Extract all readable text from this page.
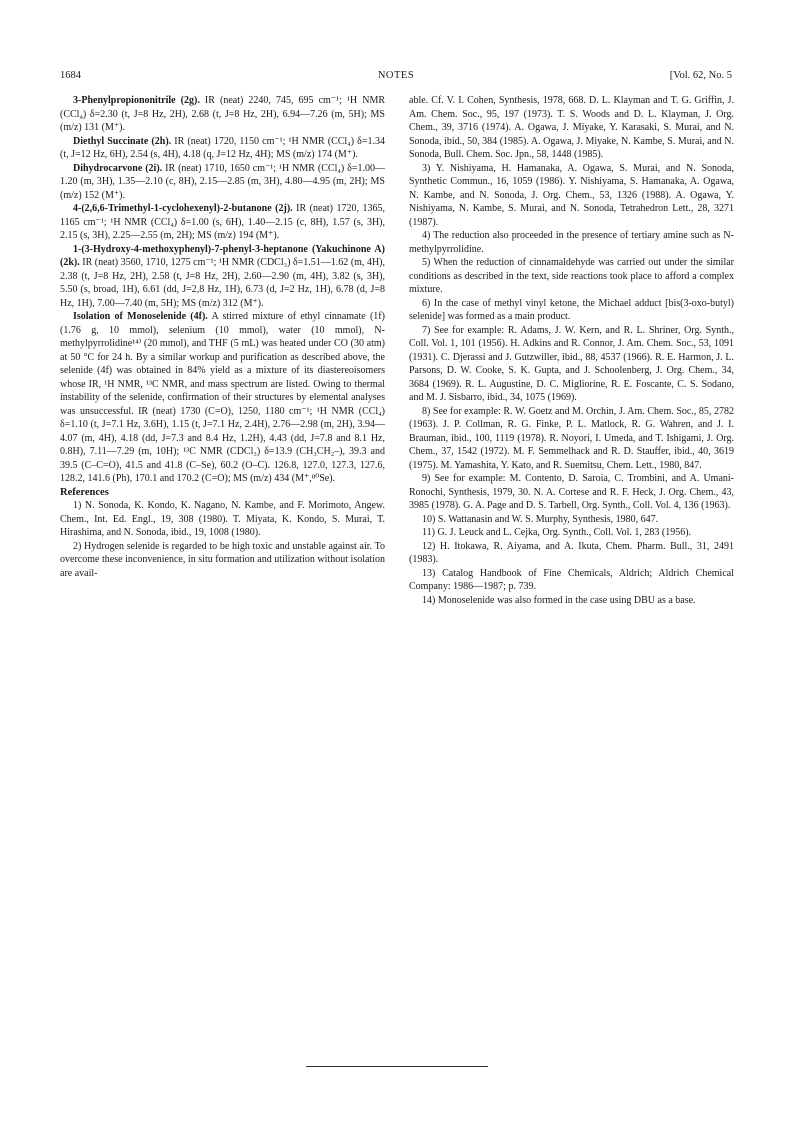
1684	NOTES	[Vol. 62, No. 5

3-Phenylpropiononitrile (2g). IR (neat) 2240, 745, 695 cm⁻¹; ¹H NMR (CCl₄) δ=2.30 (t, J=8 Hz, 2H), 2.68 (t, J=8 Hz, 2H), 6.94—7.26 (m, 5H); MS (m/z) 131 (M⁺).

Diethyl Succinate (2h). IR (neat) 1720, 1150 cm⁻¹; ¹H NMR (CCl₄) δ=1.34 (t, J=12 Hz, 6H), 2.54 (s, 4H), 4.18 (q, J=12 Hz, 4H); MS (m/z) 174 (M⁺).

Dihydrocarvone (2i). IR (neat) 1710, 1650 cm⁻¹; ¹H NMR (CCl₄) δ=1.00—1.20 (m, 3H), 1.35—2.10 (c, 8H), 2.15—2.85 (m, 3H), 4.80—4.95 (m, 2H); MS (m/z) 152 (M⁺).

4-(2,6,6-Trimethyl-1-cyclohexenyl)-2-butanone (2j). IR (neat) 1720, 1365, 1165 cm⁻¹; ¹H NMR (CCl₄) δ=1.00 (s, 6H), 1.40—2.15 (c, 8H), 1.57 (s, 3H), 2.15 (s, 3H), 2.25—2.55 (m, 2H); MS (m/z) 194 (M⁺).

1-(3-Hydroxy-4-methoxyphenyl)-7-phenyl-3-heptanone (Yakuchinone A) (2k). IR (neat) 3560, 1710, 1275 cm⁻¹; ¹H NMR (CDCl₃) δ=1.51—1.62 (m, 4H), 2.38 (t, J=8 Hz, 2H), 2.58 (t, J=8 Hz, 2H), 2.60—2.90 (m, 4H), 3.82 (s, 3H), 5.50 (s, broad, 1H), 6.61 (dd, J=2,8 Hz, 1H), 6.73 (d, J=2 Hz, 1H), 6.78 (d, J=8 Hz, 1H), 7.00—7.40 (m, 5H); MS (m/z) 312 (M⁺).

Isolation of Monoselenide (4f). A stirred mixture of ethyl cinnamate (1f) (1.76 g, 10 mmol), selenium (10 mmol), water (10 mmol), N-methylpyrrolidine¹⁴⁾ (20 mmol), and THF (5 mL) was heated under CO (30 atm) at 50 °C for 24 h. By a similar workup and purification as described above, the selenide (4f) was obtained in 84% yield as a mixture of its diastereoisomers whose IR, ¹H NMR, ¹³C NMR, and mass spectrum are listed. Owing to thermal instability of the selenide, confirmation of their structures by elemental analyses was unsuccessful. IR (neat) 1730 (C=O), 1250, 1180 cm⁻¹; ¹H NMR (CCl₄) δ=1.10 (t, J=7.1 Hz, 3.6H), 1.15 (t, J=7.1 Hz, 2.4H), 2.76—2.98 (m, 2H), 3.94—4.07 (m, 4H), 4.18 (dd, J=7.3 and 8.4 Hz, 1.2H), 4.43 (dd, J=7.8 and 8.1 Hz, 0.8H), 7.11—7.29 (m, 10H); ¹³C NMR (CDCl₃) δ=13.9 (CH₃CH₂–), 39.3 and 39.5 (C–C=O), 41.5 and 41.8 (C–Se), 60.2 (O–C). 126.8, 127.0, 127.3, 127.6, 128.2, 141.6 (Ph), 170.1 and 170.2 (C=O); MS (m/z) 434 (M⁺,⁸⁰Se).

References

1) N. Sonoda, K. Kondo, K. Nagano, N. Kambe, and F. Morimoto, Angew. Chem., Int. Ed. Engl., 19, 308 (1980). T. Miyata, K. Kondo, S. Murai, T. Hirashima, and N. Sonoda, ibid., 19, 1008 (1980).

2) Hydrogen selenide is regarded to be high toxic and unstable against air. To overcome these inconvenience, in situ formation and utilization without isolation are avail-

able. Cf. V. I. Cohen, Synthesis, 1978, 668. D. L. Klayman and T. G. Griffin, J. Am. Chem. Soc., 95, 197 (1973). T. S. Woods and D. L. Klayman, J. Org. Chem., 39, 3716 (1974). A. Ogawa, J. Miyake, Y. Karasaki, S. Murai, and N. Sonoda, ibid., 50, 384 (1985). A. Ogawa, J. Miyake, N. Kambe, S. Murai, and N. Sonoda, Bull. Chem. Soc. Jpn., 58, 1448 (1985).

3) Y. Nishiyama, H. Hamanaka, A. Ogawa, S. Murai, and N. Sonoda, Synthetic Commun., 16, 1059 (1986). Y. Nishiyama, S. Hamanaka, A. Ogawa, N. Kambe, and N. Sonoda, J. Org. Chem., 53, 1326 (1988). A. Ogawa, Y. Nishiyama, N. Kambe, S. Murai, and N. Sonoda, Tetrahedron Lett., 28, 3271 (1987).

4) The reduction also proceeded in the presence of tertiary amine such as N-methylpyrrolidine.

5) When the reduction of cinnamaldehyde was carried out under the similar conditions as described in the text, side reactions took place to afford a complex mixture.

6) In the case of methyl vinyl ketone, the Michael adduct [bis(3-oxo-butyl) selenide] was formed as a main product.

7) See for example: R. Adams, J. W. Kern, and R. L. Shriner, Org. Synth., Coll. Vol. 1, 101 (1956). H. Adkins and R. Connor, J. Am. Chem. Soc., 53, 1091 (1931). C. Djerassi and J. Gutzwiller, ibid., 88, 4537 (1966). R. E. Harmon, J. L. Parsons, D. W. Cooke, S. K. Gupta, and J. Schoolenberg, J. Org. Chem., 34, 3684 (1969). R. L. Augustine, D. C. Migliorine, R. E. Foscante, C. S. Sodano, and M. J. Sisbarro, ibid., 34, 1075 (1969).

8) See for example: R. W. Goetz and M. Orchin, J. Am. Chem. Soc., 85, 2782 (1963). J. P. Collman, R. G. Finke, P. L. Matlock, R. G. Wahren, and J. I. Brauman, ibid., 100, 1119 (1978). R. Noyori, I. Umeda, and T. Ishigami, J. Org. Chem., 37, 1542 (1972). M. F. Semmelhack and R. D. Stauffer, ibid., 40, 3619 (1975). M. Yamashita, Y. Kato, and R. Suemitsu, Chem. Lett., 1980, 847.

9) See for example: M. Contento, D. Saroia, C. Trombini, and A. Umani-Ronochi, Synthesis, 1979, 30. N. A. Cortese and R. F. Heck, J. Org. Chem., 43, 3985 (1978). G. A. Page and D. S. Tarbell, Org. Synth., Coll. Vol. 4, 136 (1963).

10) S. Wattanasin and W. S. Murphy, Synthesis, 1980, 647.

11) G. J. Leuck and L. Cejka, Org. Synth., Coll. Vol. 1, 283 (1956).

12) H. Itokawa, R. Aiyama, and A. Ikuta, Chem. Pharm. Bull., 31, 2491 (1983).

13) Catalog Handbook of Fine Chemicals, Aldrich; Aldrich Chemical Company: 1986—1987; p. 739.

14) Monoselenide was also formed in the case using DBU as a base.
